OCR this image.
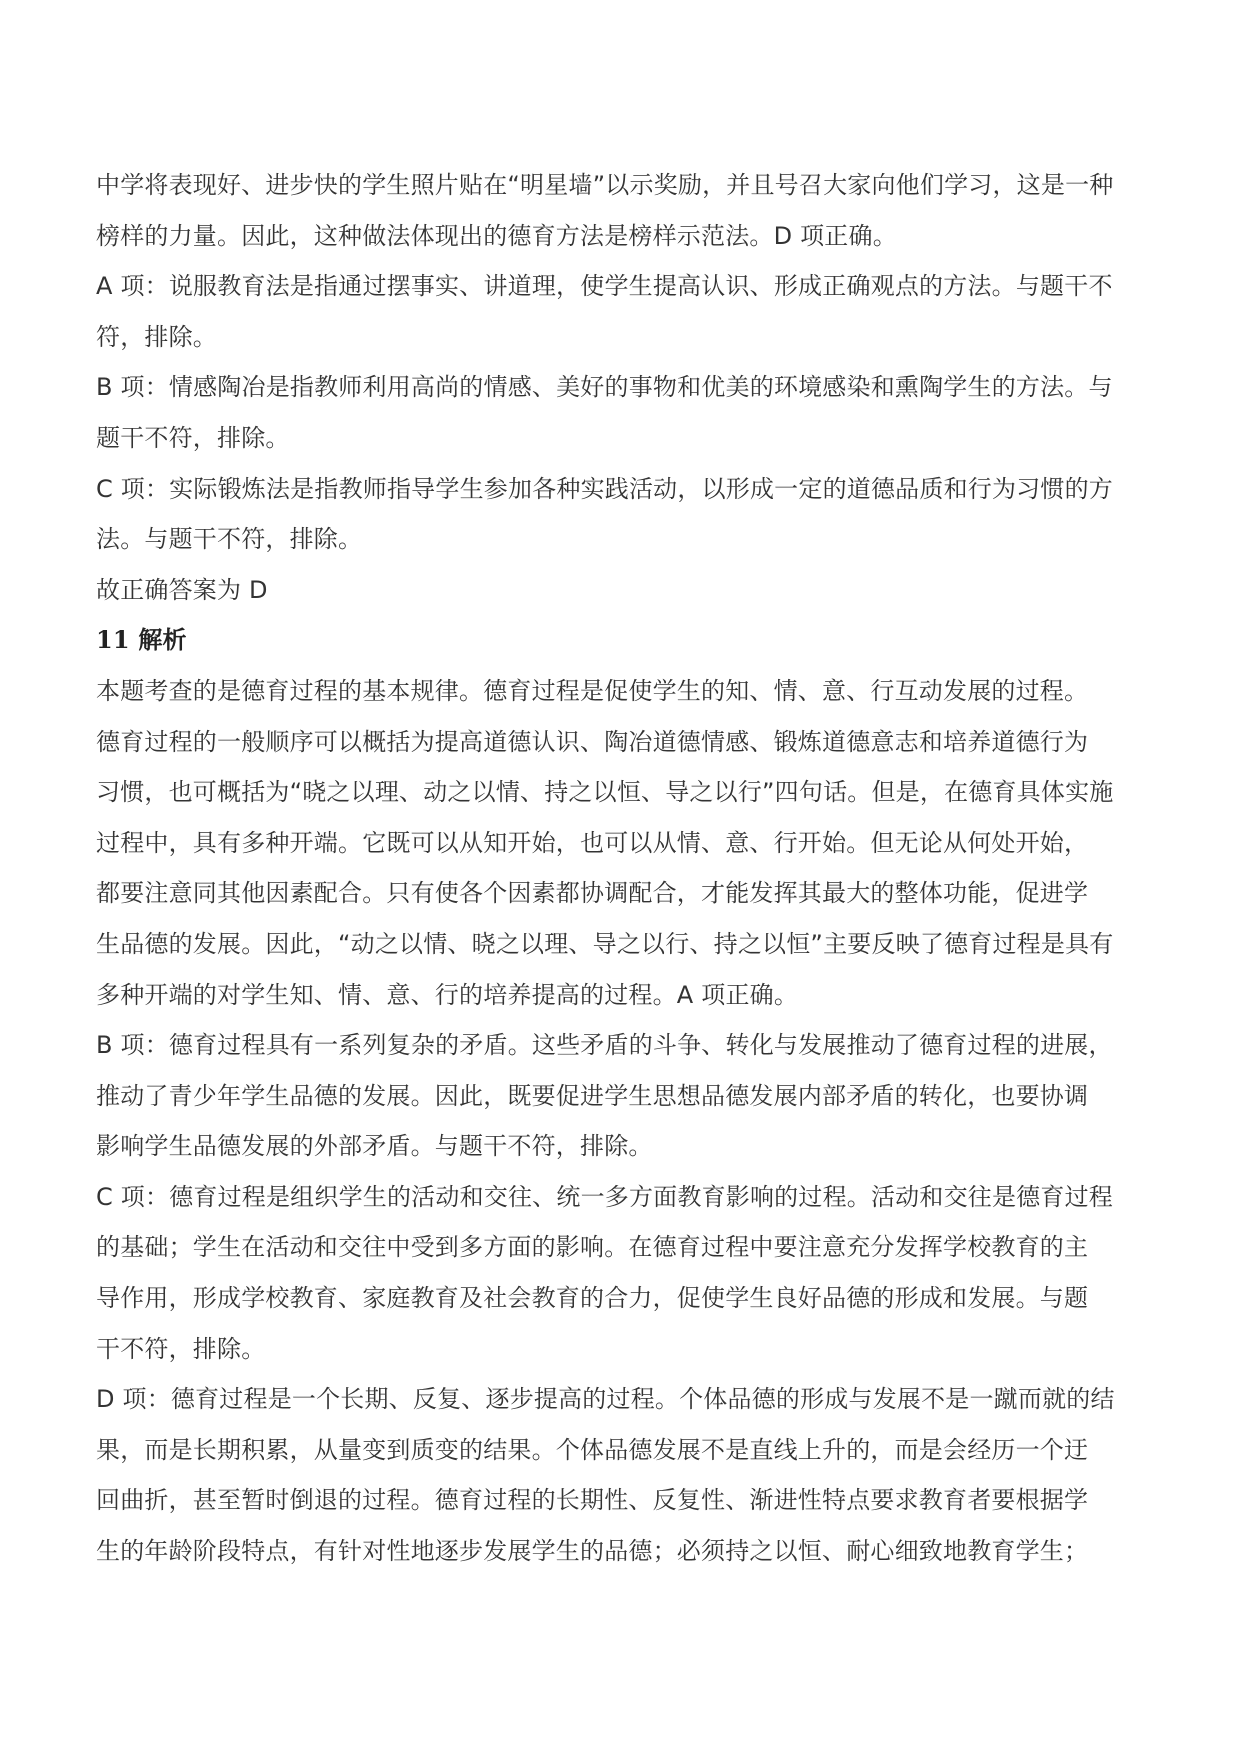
中学将表现好、进步快的学生照片贴在“明星墙”以示奖励，并且号召大家向他们学习，这是一种
榜样的力量。因此，这种做法体现出的德育方法是榜样示范法。D 项正确。
A 项：说服教育法是指通过摆事实、讲道理，使学生提高认识、形成正确观点的方法。与题干不
符，排除。
B 项：情感陶冶是指教师利用高尚的情感、美好的事物和优美的环境感染和熏陶学生的方法。与
题干不符，排除。
C 项：实际锻炼法是指教师指导学生参加各种实践活动，以形成一定的道德品质和行为习惯的方
法。与题干不符，排除。
故正确答案为 D
11 解析
本题考查的是德育过程的基本规律。德育过程是促使学生的知、情、意、行互动发展的过程。
德育过程的一般顺序可以概括为提高道德认识、陶冶道德情感、锻炼道德意志和培养道德行为
习惯，也可概括为“晓之以理、动之以情、持之以恒、导之以行”四句话。但是，在德育具体实施
过程中，具有多种开端。它既可以从知开始，也可以从情、意、行开始。但无论从何处开始，
都要注意同其他因素配合。只有使各个因素都协调配合，才能发挥其最大的整体功能，促进学
生品德的发展。因此，“动之以情、晓之以理、导之以行、持之以恒”主要反映了德育过程是具有
多种开端的对学生知、情、意、行的培养提高的过程。A 项正确。
B 项：德育过程具有一系列复杂的矛盾。这些矛盾的斗争、转化与发展推动了德育过程的进展，
推动了青少年学生品德的发展。因此，既要促进学生思想品德发展内部矛盾的转化，也要协调
影响学生品德发展的外部矛盾。与题干不符，排除。
C 项：德育过程是组织学生的活动和交往、统一多方面教育影响的过程。活动和交往是德育过程
的基础；学生在活动和交往中受到多方面的影响。在德育过程中要注意充分发挥学校教育的主
导作用，形成学校教育、家庭教育及社会教育的合力，促使学生良好品德的形成和发展。与题
干不符，排除。
D 项：德育过程是一个长期、反复、逐步提高的过程。个体品德的形成与发展不是一蹴而就的结
果，而是长期积累，从量变到质变的结果。个体品德发展不是直线上升的，而是会经历一个迂
回曲折，甚至暂时倒退的过程。德育过程的长期性、反复性、渐进性特点要求教育者要根据学
生的年龄阶段特点，有针对性地逐步发展学生的品德；必须持之以恒、耐心细致地教育学生；
